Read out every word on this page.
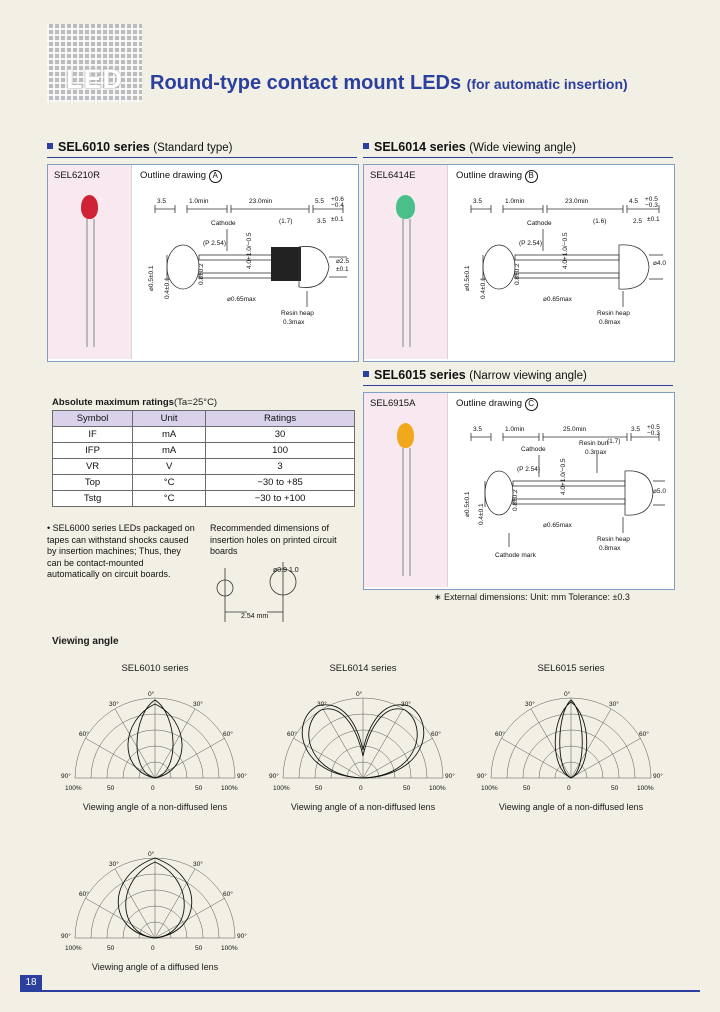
LED	Round-type contact mount LEDs (for automatic insertion)
SEL6010 series (Standard type)	SEL6014 series (Wide viewing angle)
SEL6210R	Outline drawing A
3.5	1.0min	23.0min	5.5 +0.6
−0.4
(1.7)	3.5 ±0.1
Cathode
⌀2.5
±0.1
(P 2.54)
Resin heap
0.3max
⌀0.65max
⌀0.5±0.1 0.4±0.1
0.8±0.2
4.0+1.0/−0.5
SEL6414E	Outline drawing B
3.5	1.0min	23.0min	4.5 +0.5
−0.3
(1.6)	2.5 ±0.1
Cathode
⌀4.0
(P 2.54)
Resin heap
0.8max
⌀0.65max
⌀0.5±0.1 0.4±0.1
0.8±0.2
4.0+1.0/−0.5
SEL6015 series (Narrow viewing angle)
SEL6915A	Outline drawing C
3.5	1.0min	25.0min	3.5 +0.5
−0.3
Resin burr
(1.7)
0.3max
Cathode
⌀5.0
(P 2.54)
Resin heap
0.8max
⌀0.65max
Cathode mark
⌀0.5±0.1 0.4±0.1
0.8±0.2
4.0+1.0/−0.5
Absolute maximum ratings(Ta=25°C)
Symbol	Unit	Ratings
IF	mA	30
IFP	mA	100
VR	V	3
Top	°C	−30 to +85
Tstg	°C	−30 to +100
• SEL6000 series LEDs packaged on tapes can withstand shocks caused by insertion machines; Thus, they can be contact-mounted automatically on circuit boards.
Recommended dimensions of insertion holes on printed circuit boards
ø0.9 1.0
2.54 mm
∗ External dimensions: Unit: mm Tolerance: ±0.3
Viewing angle
SEL6010 series	SEL6014 series	SEL6015 series
0°
30°	30°
60°	60°
90°	90°
100%	50	0	50	100%
Viewing angle of a non-diffused lens
0°
30°	30°
60°	60°
90°	90°
100%	50	0	50	100%
Viewing angle of a non-diffused lens
0°
30°	30°
60°	60°
90°	90°
100%	50	0	50	100%
Viewing angle of a non-diffused lens
0°
30°	30°
60°	60°
90°	90°
100%	50	0	50	100%
Viewing angle of a diffused lens
18
